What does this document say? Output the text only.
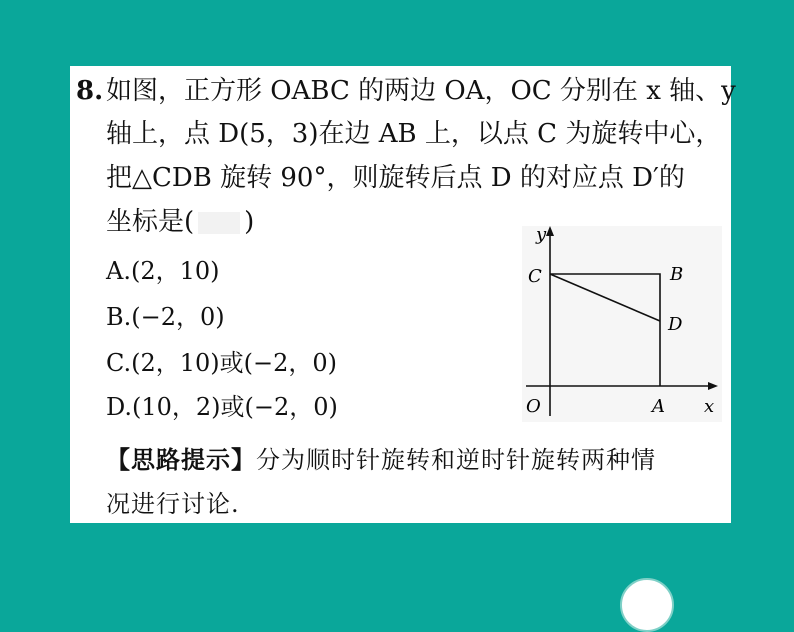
8. 如图，正方形 OABC 的两边 OA，OC 分别在 x 轴、y
轴上，点 D(5，3)在边 AB 上，以点 C 为旋转中心，
把△CDB 旋转 90°，则旋转后点 D 的对应点 D′的
坐标是( )
A.(2，10)
B.(−2，0)
C.(2，10)或(−2，0)
D.(10，2)或(−2，0)
y
x
O	A
B
C
D
【思路提示】分为顺时针旋转和逆时针旋转两种情
况进行讨论.
